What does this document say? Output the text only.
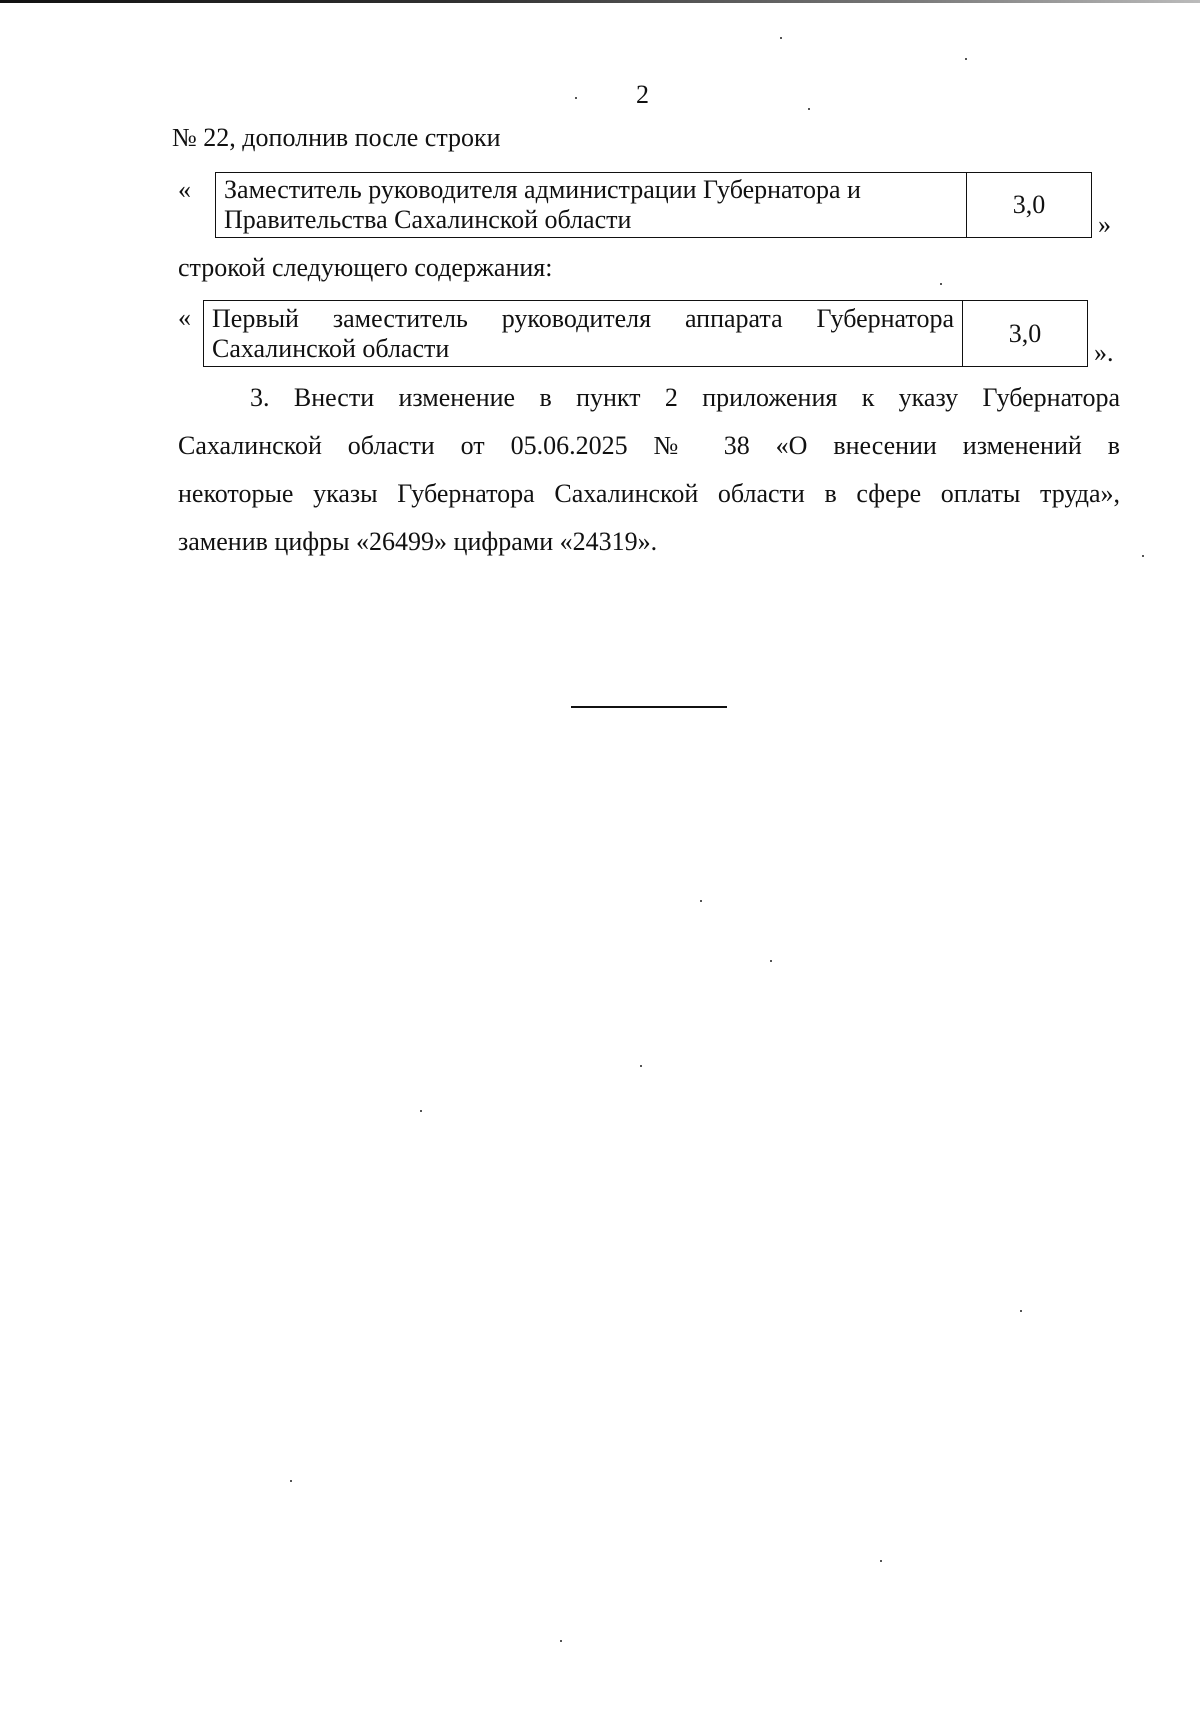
2
№ 22, дополнив после строки
« Заместитель руководителя администрации Губернатора и
Правительства Сахалинской области
	3,0
»
строкой следующего содержания:
« Первый заместитель руководителя аппарата Губернатора
Сахалинской области
	3,0
».
3. Внести изменение в пункт 2 приложения к указу Губернатора
Сахалинской области от 05.06.2025 № 38 «О внесении изменений в
некоторые указы Губернатора Сахалинской области в сфере оплаты труда»,
заменив цифры «26499» цифрами «24319».
